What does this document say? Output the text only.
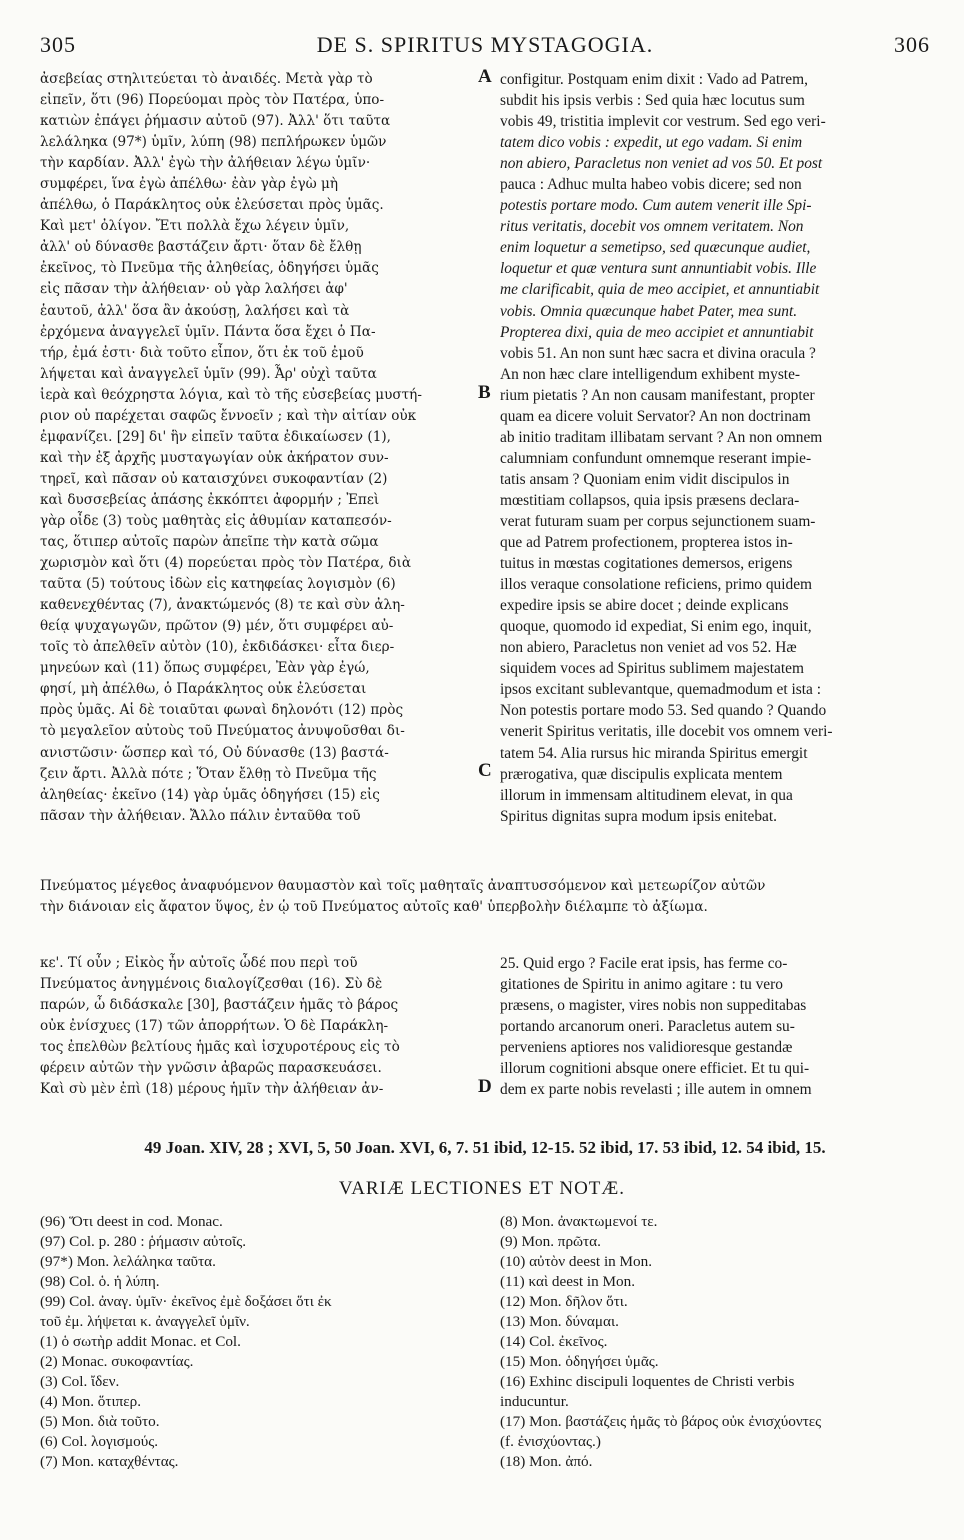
305	DE S. SPIRITUS MYSTAGOGIA.	306
ἀσεβείας στηλιτεύεται τὸ ἀναιδές. Μετὰ γὰρ τὸ
εἰπεῖν, ὅτι (96) Πορεύομαι πρὸς τὸν Πατέρα, ὑπο-
κατιὼν ἐπάγει ῥήμασιν αὐτοῦ (97). Ἀλλ' ὅτι ταῦτα
λελάληκα (97*) ὑμῖν, λύπη (98) πεπλήρωκεν ὑμῶν
τὴν καρδίαν. Ἀλλ' ἐγὼ τὴν ἀλήθειαν λέγω ὑμῖν·
συμφέρει, ἵνα ἐγὼ ἀπέλθω· ἐὰν γὰρ ἐγὼ μὴ
ἀπέλθω, ὁ Παράκλητος οὐκ ἐλεύσεται πρὸς ὑμᾶς.
Καὶ μετ' ὀλίγον. Ἔτι πολλὰ ἔχω λέγειν ὑμῖν,
ἀλλ' οὐ δύνασθε βαστάζειν ἄρτι· ὅταν δὲ ἔλθῃ
ἐκεῖνος, τὸ Πνεῦμα τῆς ἀληθείας, ὁδηγήσει ὑμᾶς
εἰς πᾶσαν τὴν ἀλήθειαν· οὐ γὰρ λαλήσει ἀφ'
ἑαυτοῦ, ἀλλ' ὅσα ἂν ἀκούσῃ, λαλήσει καὶ τὰ
ἐρχόμενα ἀναγγελεῖ ὑμῖν. Πάντα ὅσα ἔχει ὁ Πα-
τήρ, ἐμά ἐστι· διὰ τοῦτο εἶπον, ὅτι ἐκ τοῦ ἐμοῦ
λήψεται καὶ ἀναγγελεῖ ὑμῖν (99). Ἆρ' οὐχὶ ταῦτα
ἱερὰ καὶ θεόχρηστα λόγια, καὶ τὸ τῆς εὐσεβείας μυστή-
ριον οὐ παρέχεται σαφῶς ἔννοεῖν ; καὶ τὴν αἰτίαν οὐκ
ἐμφανίζει. [29] δι' ἣν εἰπεῖν ταῦτα ἐδικαίωσεν (1),
καὶ τὴν ἐξ ἀρχῆς μυσταγωγίαν οὐκ ἀκήρατον συν-
τηρεῖ, καὶ πᾶσαν οὐ καταισχύνει συκοφαντίαν (2)
καὶ δυσσεβείας ἁπάσης ἐκκόπτει ἀφορμήν ; Ἐπεὶ
γὰρ οἶδε (3) τοὺς μαθητὰς εἰς ἀθυμίαν καταπεσόν-
τας, ὅτιπερ αὐτοῖς παρὼν ἀπεῖπε τὴν κατὰ σῶμα
χωρισμὸν καὶ ὅτι (4) πορεύεται πρὸς τὸν Πατέρα, διὰ
ταῦτα (5) τούτους ἰδὼν εἰς κατηφείας λογισμὸν (6)
καθενεχθέντας (7), ἀνακτώμενός (8) τε καὶ σὺν ἀλη-
θείᾳ ψυχαγωγῶν, πρῶτον (9) μέν, ὅτι συμφέρει αὐ-
τοῖς τὸ ἀπελθεῖν αὐτὸν (10), ἐκδιδάσκει· εἶτα διερ-
μηνεύων καὶ (11) ὅπως συμφέρει, Ἐὰν γὰρ ἐγώ,
φησί, μὴ ἀπέλθω, ὁ Παράκλητος οὐκ ἐλεύσεται
πρὸς ὑμᾶς. Αἱ δὲ τοιαῦται φωναὶ δηλονότι (12) πρὸς
τὸ μεγαλεῖον αὐτοὺς τοῦ Πνεύματος ἀνυψοῦσθαι δι-
ανιστῶσιν· ὥσπερ καὶ τό, Οὐ δύνασθε (13) βαστά-
ζειν ἄρτι. Ἀλλὰ πότε ; Ὅταν ἔλθῃ τὸ Πνεῦμα τῆς
ἀληθείας· ἐκεῖνο (14) γὰρ ὑμᾶς ὁδηγήσει (15) εἰς
πᾶσαν τὴν ἀλήθειαν. Ἄλλο πάλιν ἐνταῦθα τοῦ
configitur. Postquam enim dixit : Vado ad Patrem,
subdit his ipsis verbis : Sed quia hæc locutus sum
vobis 49, tristitia implevit cor vestrum. Sed ego veri-
tatem dico vobis : expedit, ut ego vadam. Si enim
non abiero, Paracletus non veniet ad vos 50. Et post
pauca : Adhuc multa habeo vobis dicere; sed non
potestis portare modo. Cum autem venerit ille Spi-
ritus veritatis, docebit vos omnem veritatem. Non
enim loquetur a semetipso, sed quæcunque audiet,
loquetur et quæ ventura sunt annuntiabit vobis. Ille
me clarificabit, quia de meo accipiet, et annuntiabit
vobis. Omnia quæcunque habet Pater, mea sunt.
Propterea dixi, quia de meo accipiet et annuntiabit
vobis 51. An non sunt hæc sacra et divina oracula ?
An non hæc clare intelligendum exhibent myste-
rium pietatis ? An non causam manifestant, propter
quam ea dicere voluit Servator? An non doctrinam
ab initio traditam illibatam servant ? An non omnem
calumniam confundunt omnemque reserant impie-
tatis ansam ? Quoniam enim vidit discipulos in
mœstitiam collapsos, quia ipsis præsens declara-
verat futuram suam per corpus sejunctionem suam-
que ad Patrem profectionem, propterea istos in-
tuitus in mœstas cogitationes demersos, erigens
illos veraque consolatione reficiens, primo quidem
expedire ipsis se abire docet ; deinde explicans
quoque, quomodo id expediat, Si enim ego, inquit,
non abiero, Paracletus non veniet ad vos 52. Hæ
siquidem voces ad Spiritus sublimem majestatem
ipsos excitant sublevantque, quemadmodum et ista :
Non potestis portare modo 53. Sed quando ? Quando
venerit Spiritus veritatis, ille docebit vos omnem veri-
tatem 54. Alia rursus hic miranda Spiritus emergit
prærogativa, quæ discipulis explicata mentem
illorum in immensam altitudinem elevat, in qua
Spiritus dignitas supra modum ipsis enitebat.
A
B
C
D
Πνεύματος μέγεθος ἀναφυόμενον θαυμαστὸν καὶ τοῖς μαθηταῖς ἀναπτυσσόμενον καὶ μετεωρίζον αὐτῶν
τὴν διάνοιαν εἰς ἄφατον ὕψος, ἐν ᾧ τοῦ Πνεύματος αὐτοῖς καθ' ὑπερβολὴν διέλαμπε τὸ ἀξίωμα.
κε'. Τί οὖν ; Εἰκὸς ἦν αὐτοῖς ὧδέ που περὶ τοῦ
Πνεύματος ἀνηγμένοις διαλογίζεσθαι (16). Σὺ δὲ
παρών, ὦ διδάσκαλε [30], βαστάζειν ἡμᾶς τὸ βάρος
οὐκ ἐνίσχυες (17) τῶν ἀπορρήτων. Ὁ δὲ Παράκλη-
τος ἐπελθὼν βελτίους ἡμᾶς καὶ ἰσχυροτέρους εἰς τὸ
φέρειν αὐτῶν τὴν γνῶσιν ἀβαρῶς παρασκευάσει.
Καὶ σὺ μὲν ἐπὶ (18) μέρους ἡμῖν τὴν ἀλήθειαν ἀν-
25. Quid ergo ? Facile erat ipsis, has ferme co-
gitationes de Spiritu in animo agitare : tu vero
præsens, o magister, vires nobis non suppeditabas
portando arcanorum oneri. Paracletus autem su-
perveniens aptiores nos validioresque gestandæ
illorum cognitioni absque onere efficiet. Et tu qui-
dem ex parte nobis revelasti ; ille autem in omnem
49 Joan. XIV, 28 ; XVI, 5, 50 Joan. XVI, 6, 7. 51 ibid, 12-15. 52 ibid, 17. 53 ibid, 12. 54 ibid, 15.
VARIÆ LECTIONES ET NOTÆ.
(96) Ὅτι deest in cod. Monac.
(97) Col. p. 280 : ῥήμασιν αὐτοῖς.
(97*) Mon. λελάληκα ταῦτα.
(98) Col. ὁ. ἡ λύπη.
(99) Col. ἀναγ. ὑμῖν· ἐκεῖνος ἐμὲ δοξάσει ὅτι ἐκ
τοῦ ἐμ. λήψεται κ. ἀναγγελεῖ ὑμῖν.
(1) ὁ σωτὴρ addit Monac. et Col.
(2) Monac. συκοφαντίας.
(3) Col. ἴδεν.
(4) Mon. ὅτιπερ.
(5) Mon. διὰ τοῦτο.
(6) Col. λογισμούς.
(7) Mon. καταχθέντας.
(8) Mon. ἀνακτωμενοί τε.
(9) Mon. πρῶτα.
(10) αὐτὸν deest in Mon.
(11) καὶ deest in Mon.
(12) Mon. δῆλον ὅτι.
(13) Mon. δύναμαι.
(14) Col. ἐκεῖνος.
(15) Mon. ὁδηγήσει ὑμᾶς.
(16) Exhinc discipuli loquentes de Christi verbis
inducuntur.
(17) Mon. βαστάζεις ἡμᾶς τὸ βάρος οὐκ ἐνισχύοντες
(f. ἐνισχύοντας.)
(18) Mon. ἀπό.
